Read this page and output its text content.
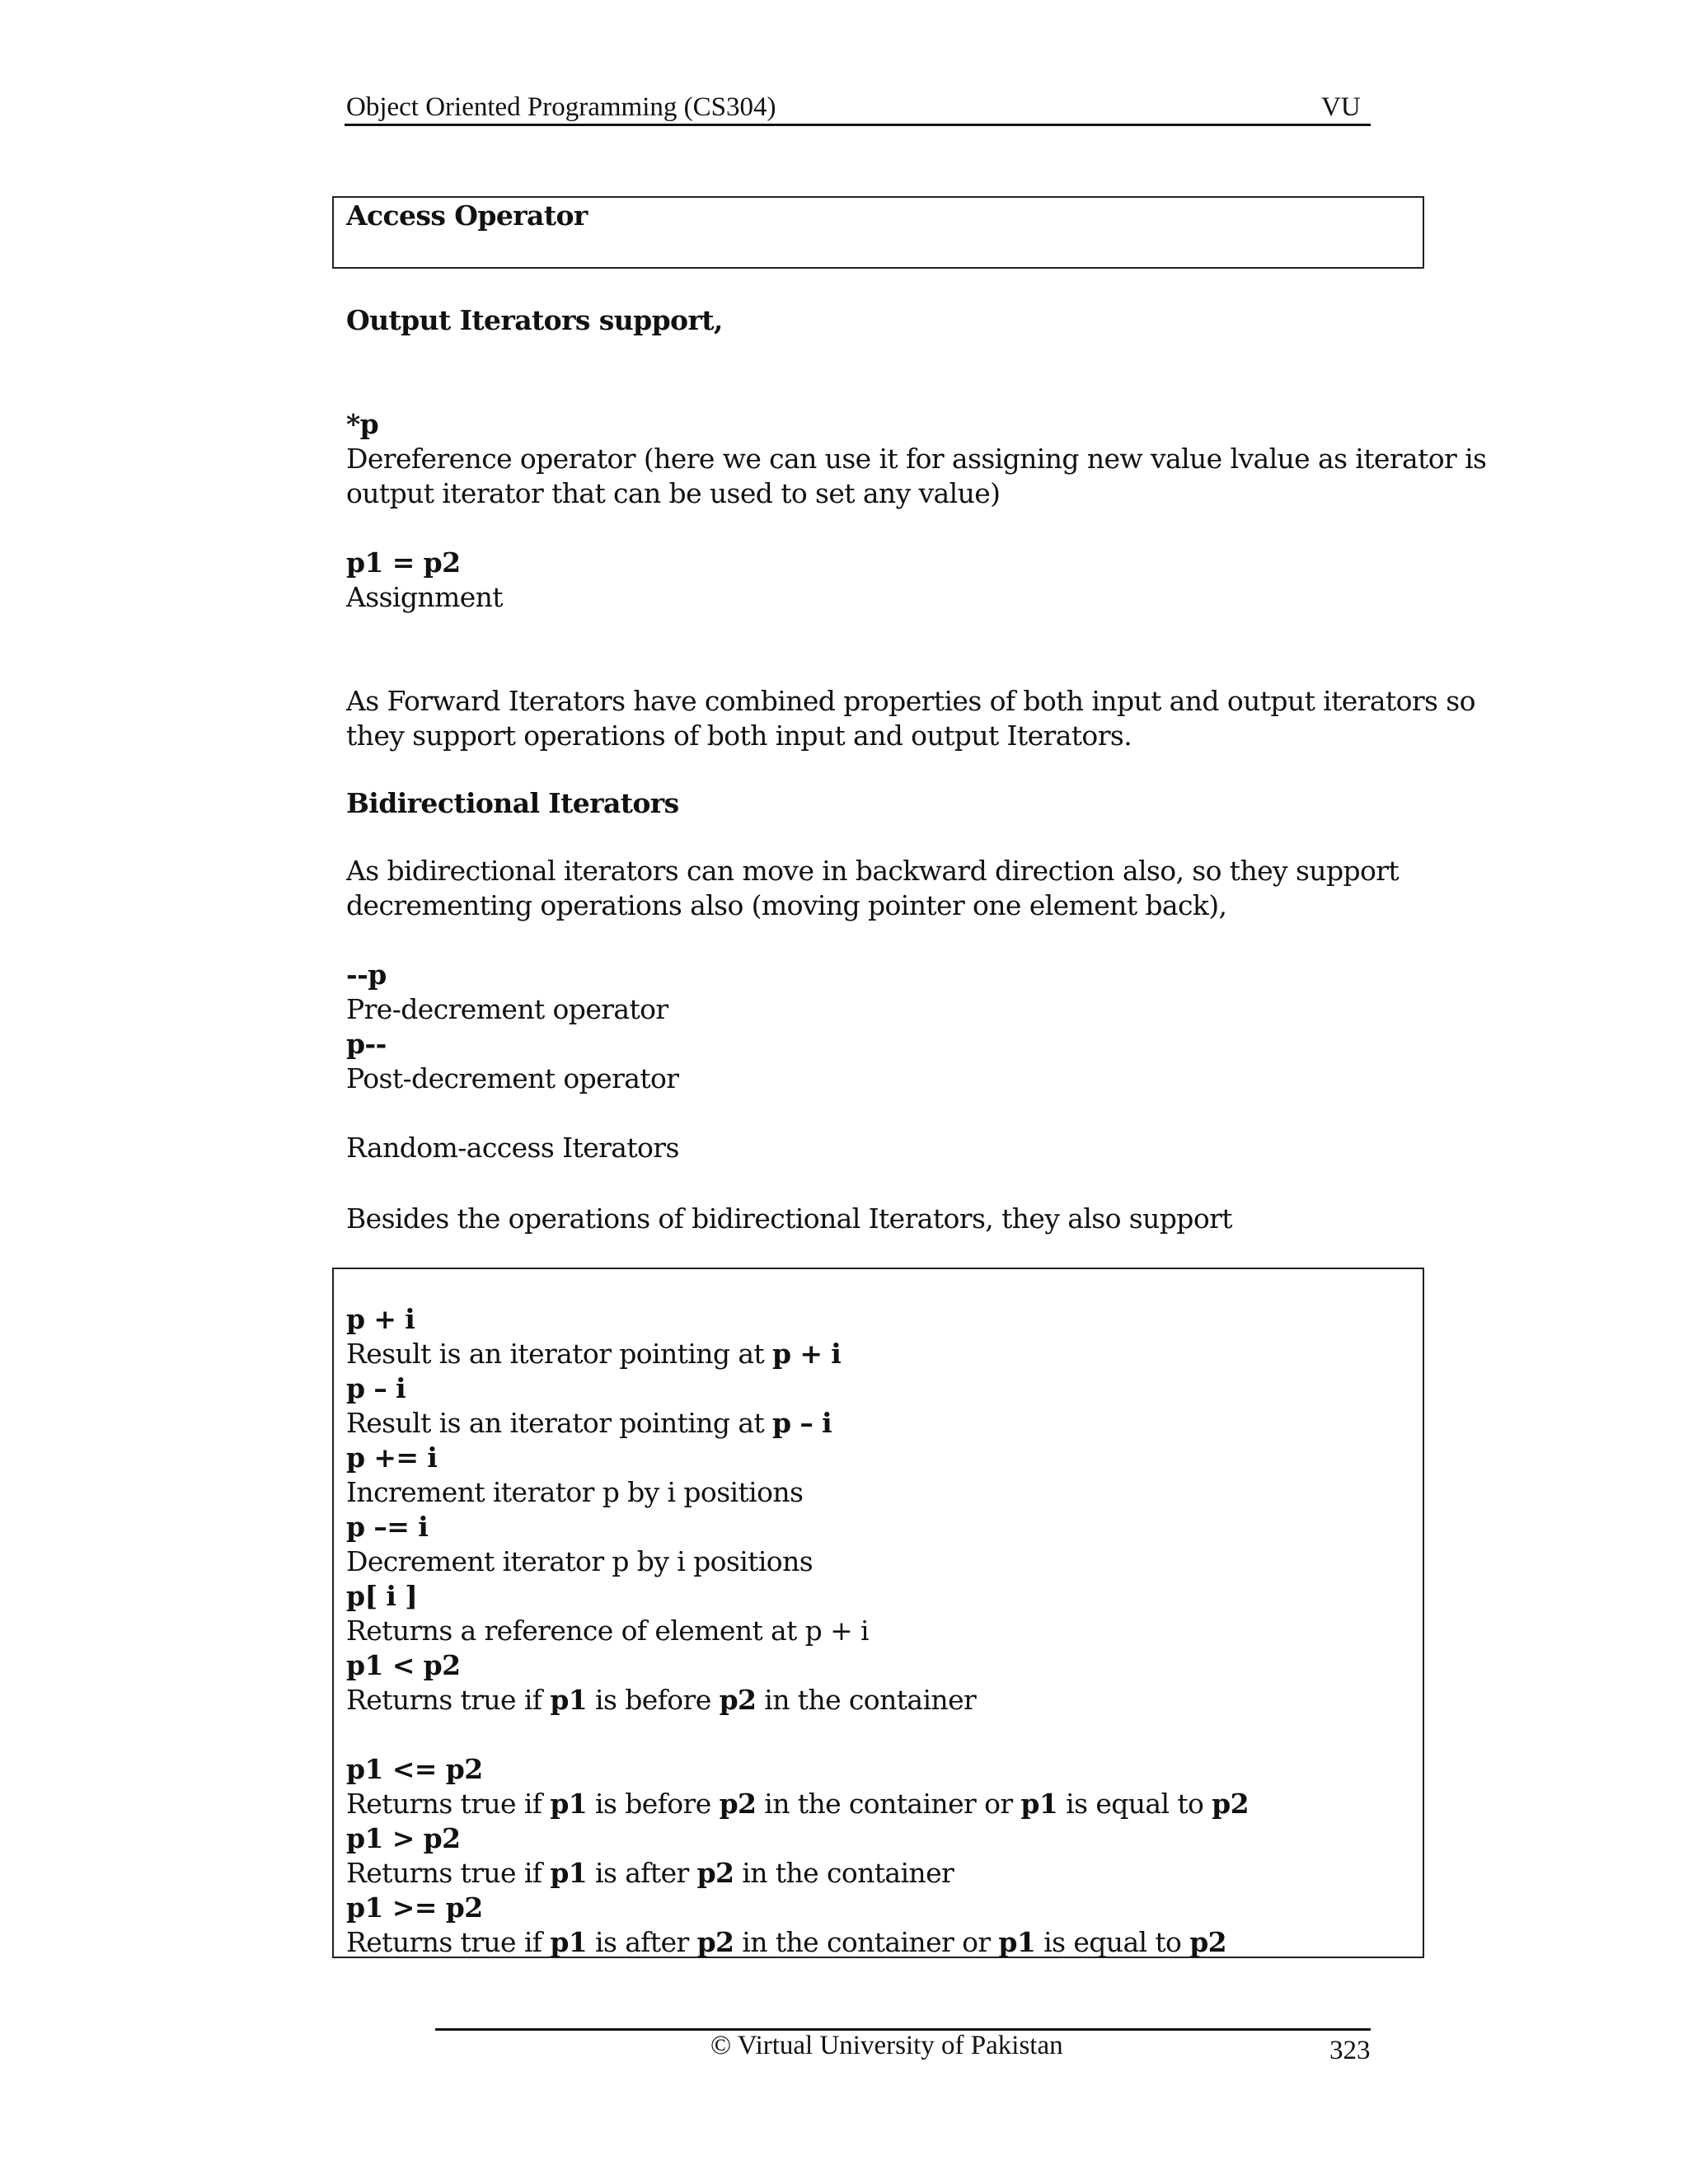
Object Oriented Programming (CS304)	VU
Access Operator
Output Iterators support,
*p
Dereference operator (here we can use it for assigning new value lvalue as iterator is
output iterator that can be used to set any value)
p1 = p2
Assignment
As Forward Iterators have combined properties of both input and output iterators so
they support operations of both input and output Iterators.
Bidirectional Iterators
As bidirectional iterators can move in backward direction also, so they support
decrementing operations also (moving pointer one element back),
--p
Pre-decrement operator
p--
Post-decrement operator
Random-access Iterators
Besides the operations of bidirectional Iterators, they also support
p + i
Result is an iterator pointing at p + i
p – i
Result is an iterator pointing at p – i
p += i
Increment iterator p by i positions
p –= i
Decrement iterator p by i positions
p[ i ]
Returns a reference of element at p + i
p1 < p2
Returns true if p1 is before p2 in the container
p1 <= p2
Returns true if p1 is before p2 in the container or p1 is equal to p2
p1 > p2
Returns true if p1 is after p2 in the container
p1 >= p2
Returns true if p1 is after p2 in the container or p1 is equal to p2
© Virtual University of Pakistan	323
